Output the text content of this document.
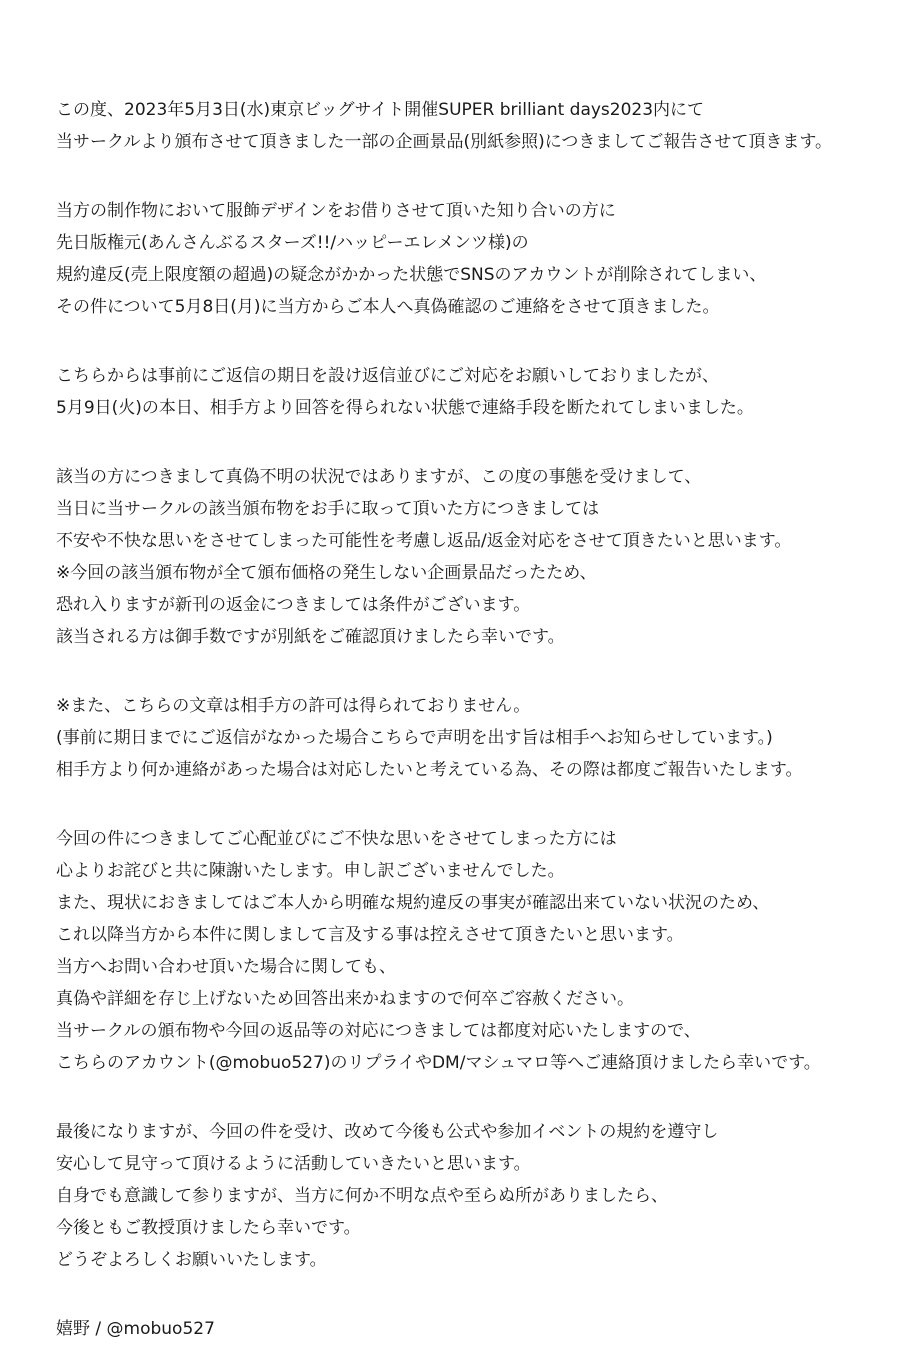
この度、2023年5月3日(水)東京ビッグサイト開催SUPER brilliant days2023内にて
当サークルより頒布させて頂きました一部の企画景品(別紙参照)につきましてご報告させて頂きます。
当方の制作物において服飾デザインをお借りさせて頂いた知り合いの方に
先日版権元(あんさんぶるスターズ!!/ハッピーエレメンツ様)の
規約違反(売上限度額の超過)の疑念がかかった状態でSNSのアカウントが削除されてしまい、
その件について5月8日(月)に当方からご本人へ真偽確認のご連絡をさせて頂きました。
こちらからは事前にご返信の期日を設け返信並びにご対応をお願いしておりましたが、
5月9日(火)の本日、相手方より回答を得られない状態で連絡手段を断たれてしまいました。
該当の方につきまして真偽不明の状況ではありますが、この度の事態を受けまして、
当日に当サークルの該当頒布物をお手に取って頂いた方につきましては
不安や不快な思いをさせてしまった可能性を考慮し返品/返金対応をさせて頂きたいと思います。
※今回の該当頒布物が全て頒布価格の発生しない企画景品だったため、
恐れ入りますが新刊の返金につきましては条件がございます。
該当される方は御手数ですが別紙をご確認頂けましたら幸いです。
※また、こちらの文章は相手方の許可は得られておりません。
(事前に期日までにご返信がなかった場合こちらで声明を出す旨は相手へお知らせしています。)
相手方より何か連絡があった場合は対応したいと考えている為、その際は都度ご報告いたします。
今回の件につきましてご心配並びにご不快な思いをさせてしまった方には
心よりお詫びと共に陳謝いたします。申し訳ございませんでした。
また、現状におきましてはご本人から明確な規約違反の事実が確認出来ていない状況のため、
これ以降当方から本件に関しまして言及する事は控えさせて頂きたいと思います。
当方へお問い合わせ頂いた場合に関しても、
真偽や詳細を存じ上げないため回答出来かねますので何卒ご容赦ください。
当サークルの頒布物や今回の返品等の対応につきましては都度対応いたしますので、
こちらのアカウント(@mobuo527)のリプライやDM/マシュマロ等へご連絡頂けましたら幸いです。
最後になりますが、今回の件を受け、改めて今後も公式や参加イベントの規約を遵守し
安心して見守って頂けるように活動していきたいと思います。
自身でも意識して参りますが、当方に何か不明な点や至らぬ所がありましたら、
今後ともご教授頂けましたら幸いです。
どうぞよろしくお願いいたします。
嬉野 / @mobuo527
